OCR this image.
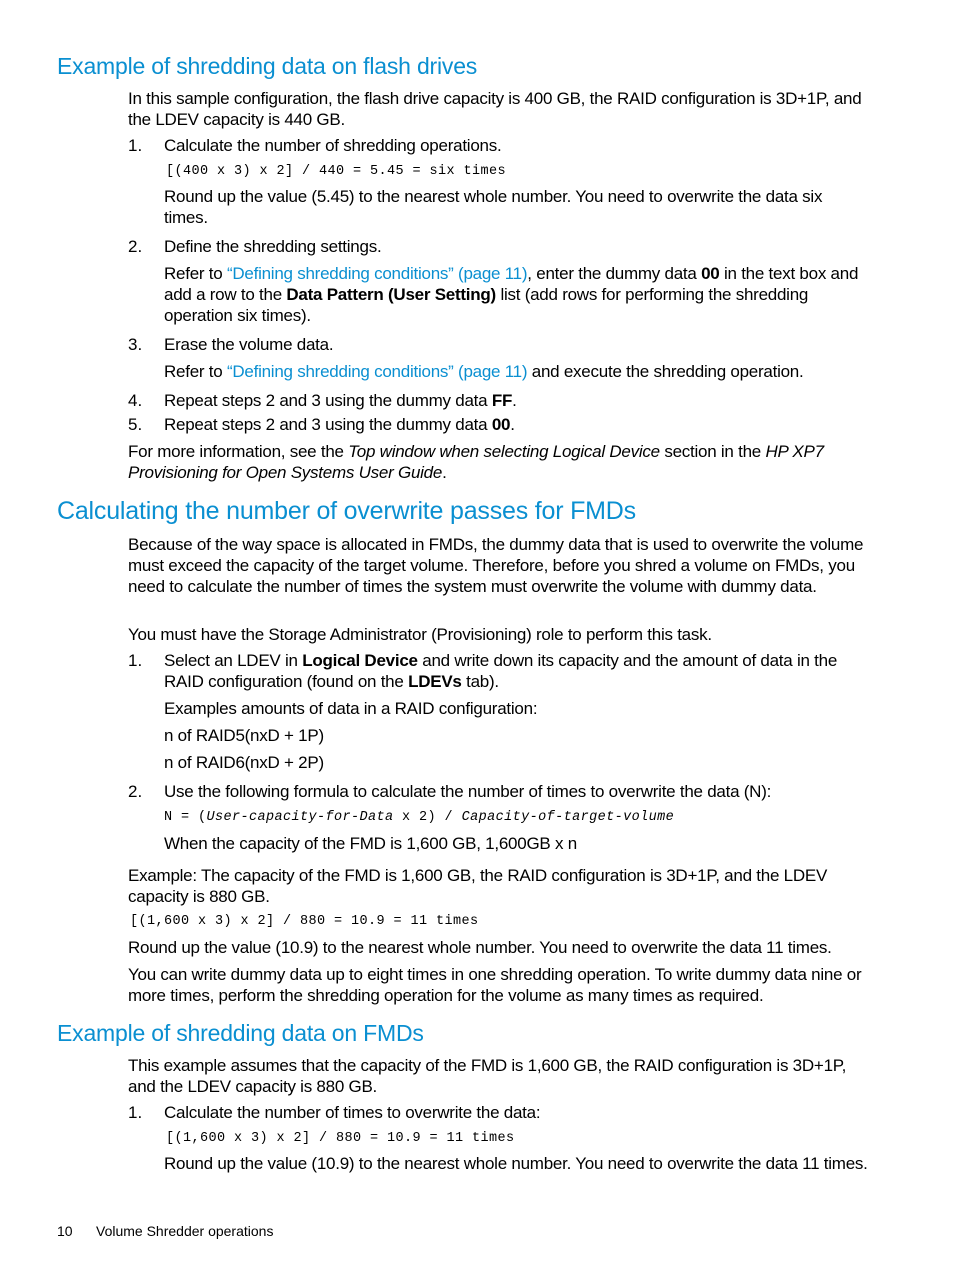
Example of shredding data on flash drives

In this sample configuration, the flash drive capacity is 400 GB, the RAID configuration is 3D+1P, and the LDEV capacity is 440 GB.

1. Calculate the number of shredding operations.

[(400 x 3) x 2] / 440 = 5.45 = six times

Round up the value (5.45) to the nearest whole number. You need to overwrite the data six times.

2. Define the shredding settings.

Refer to “Defining shredding conditions” (page 11), enter the dummy data 00 in the text box and add a row to the Data Pattern (User Setting) list (add rows for performing the shredding operation six times).

3. Erase the volume data.

Refer to “Defining shredding conditions” (page 11) and execute the shredding operation.

4. Repeat steps 2 and 3 using the dummy data FF.

5. Repeat steps 2 and 3 using the dummy data 00.

For more information, see the Top window when selecting Logical Device section in the HP XP7 Provisioning for Open Systems User Guide.

Calculating the number of overwrite passes for FMDs

Because of the way space is allocated in FMDs, the dummy data that is used to overwrite the volume must exceed the capacity of the target volume. Therefore, before you shred a volume on FMDs, you need to calculate the number of times the system must overwrite the volume with dummy data.

You must have the Storage Administrator (Provisioning) role to perform this task.

1. Select an LDEV in Logical Device and write down its capacity and the amount of data in the RAID configuration (found on the LDEVs tab).

Examples amounts of data in a RAID configuration:

n of RAID5(nxD + 1P)

n of RAID6(nxD + 2P)

2. Use the following formula to calculate the number of times to overwrite the data (N):

N = (User-capacity-for-Data x 2) / Capacity-of-target-volume

When the capacity of the FMD is 1,600 GB, 1,600GB x n

Example: The capacity of the FMD is 1,600 GB, the RAID configuration is 3D+1P, and the LDEV capacity is 880 GB.

[(1,600 x 3) x 2] / 880 = 10.9 = 11 times

Round up the value (10.9) to the nearest whole number. You need to overwrite the data 11 times.

You can write dummy data up to eight times in one shredding operation. To write dummy data nine or more times, perform the shredding operation for the volume as many times as required.

Example of shredding data on FMDs

This example assumes that the capacity of the FMD is 1,600 GB, the RAID configuration is 3D+1P, and the LDEV capacity is 880 GB.

1. Calculate the number of times to overwrite the data:

[(1,600 x 3) x 2] / 880 = 10.9 = 11 times

Round up the value (10.9) to the nearest whole number. You need to overwrite the data 11 times.

10 Volume Shredder operations
